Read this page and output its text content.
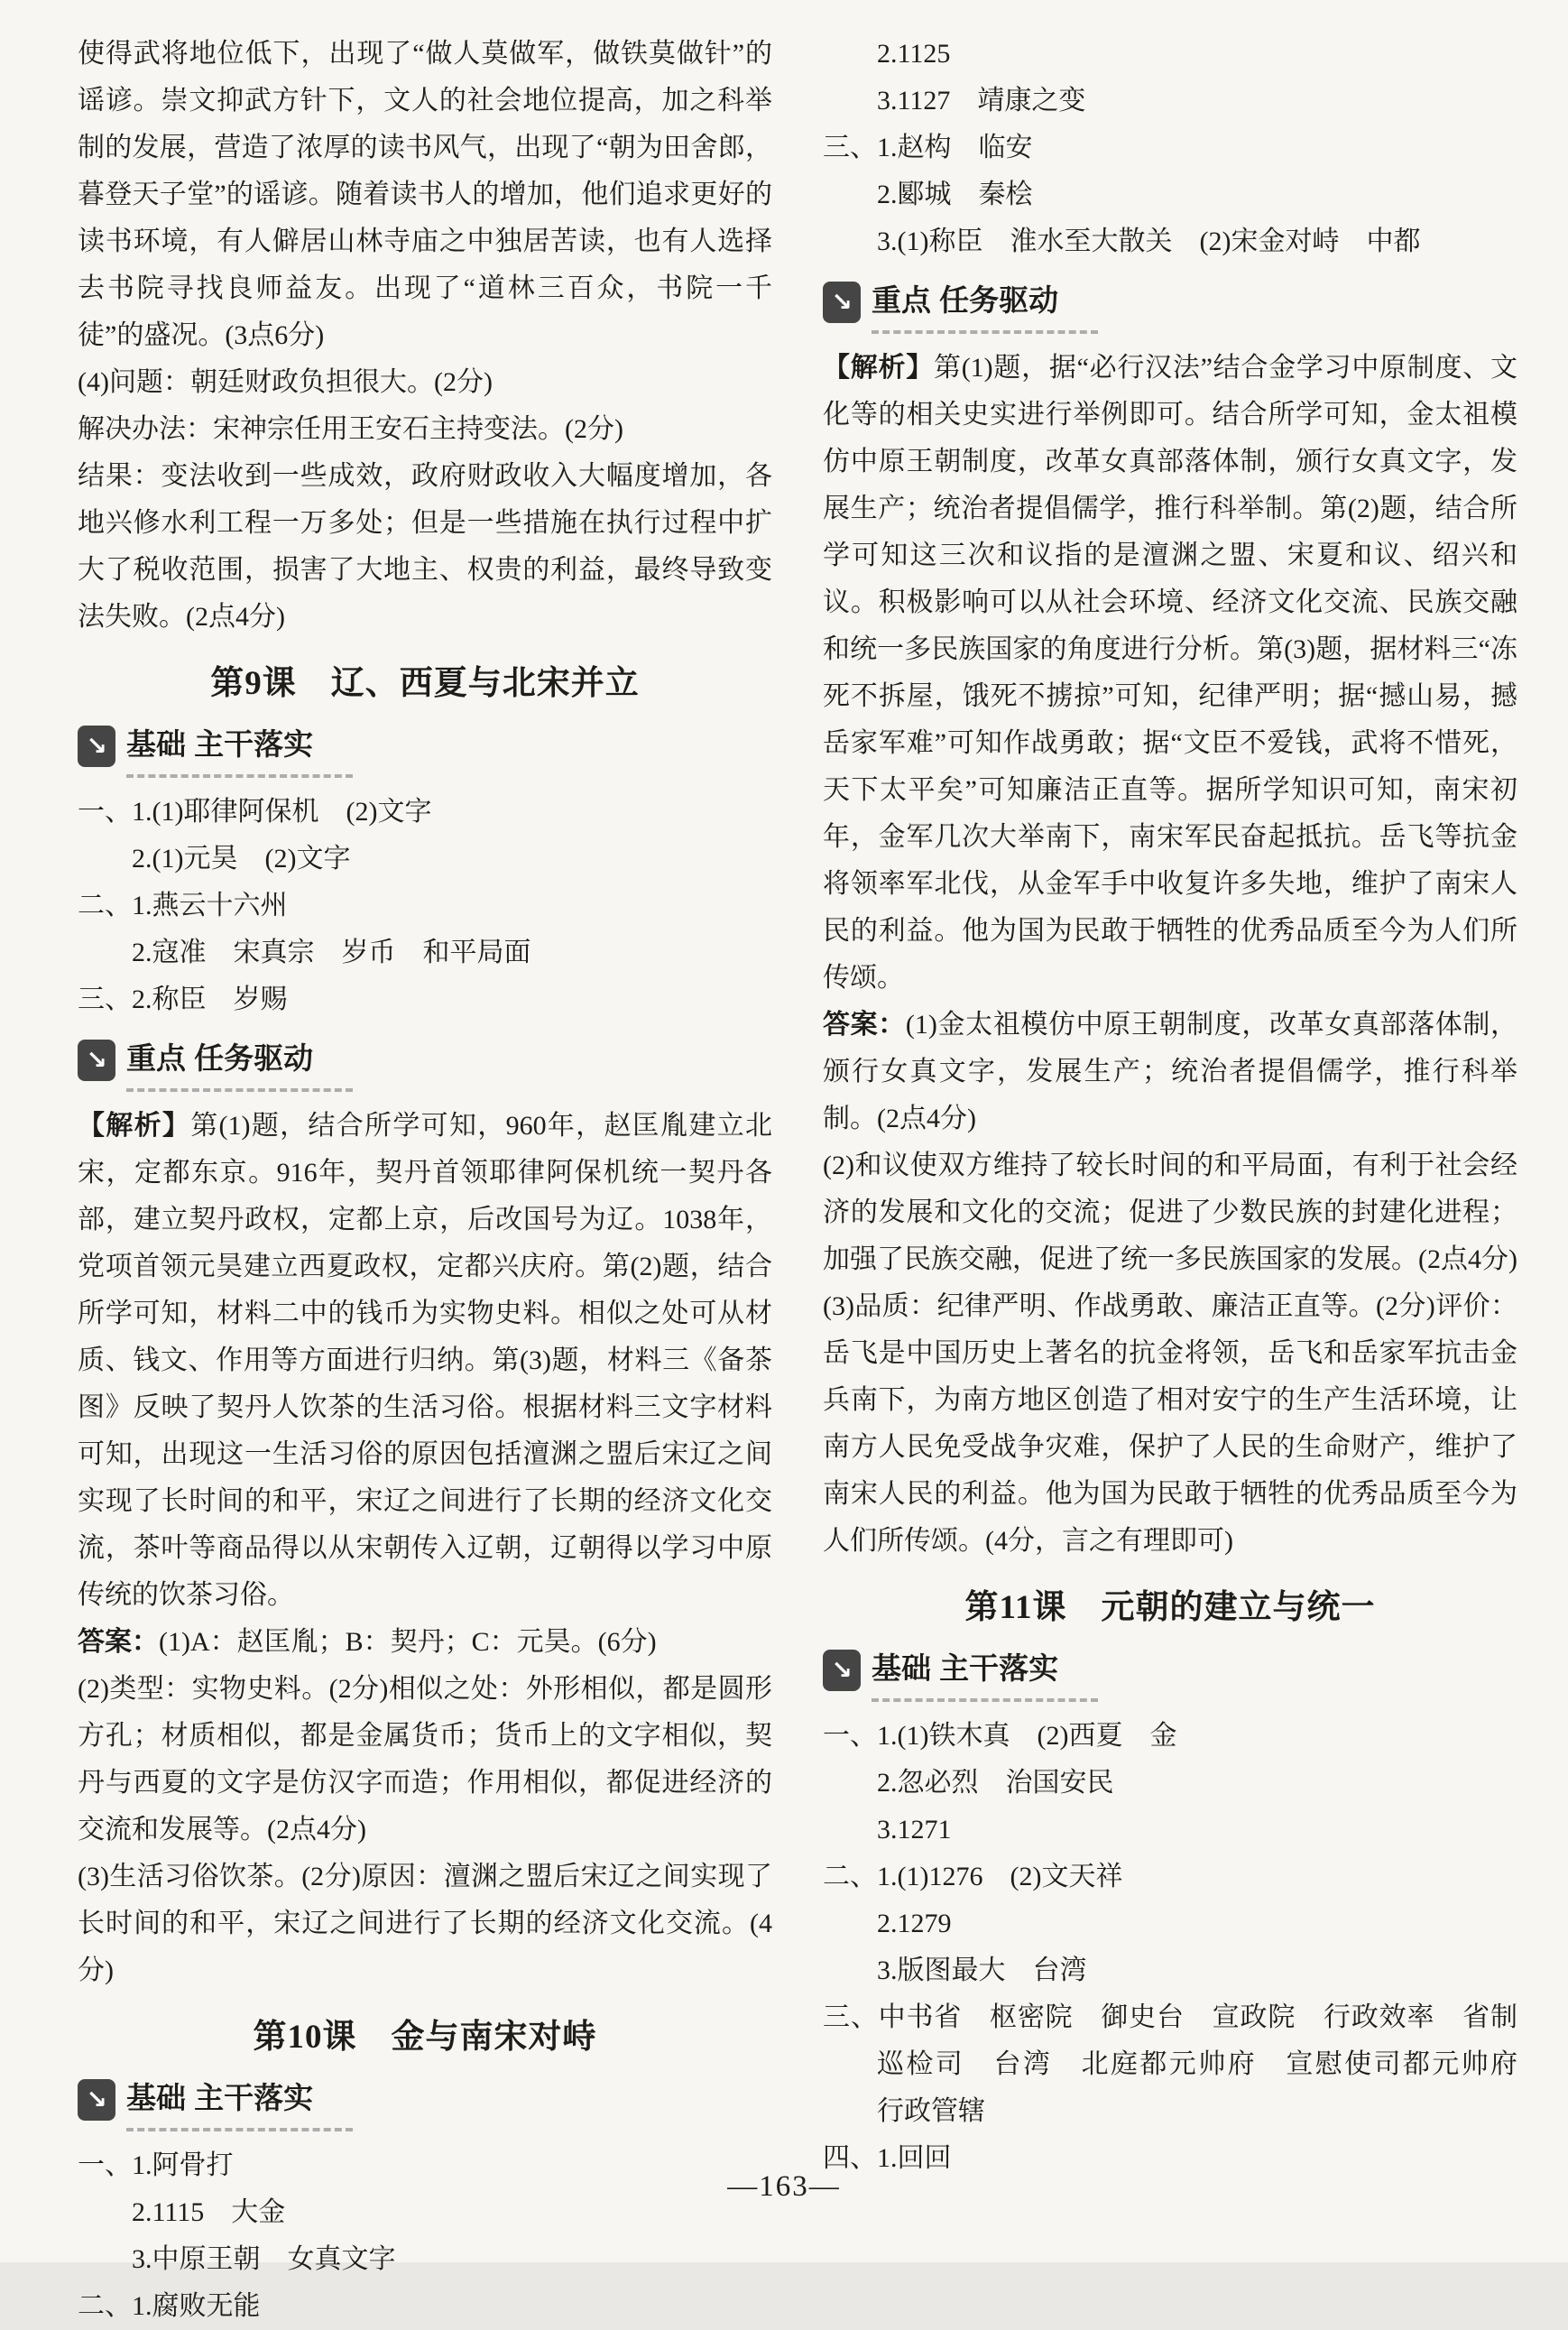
使得武将地位低下，出现了“做人莫做军，做铁莫做针”的谣谚。崇文抑武方针下，文人的社会地位提高，加之科举制的发展，营造了浓厚的读书风气，出现了“朝为田舍郎，暮登天子堂”的谣谚。随着读书人的增加，他们追求更好的读书环境，有人僻居山林寺庙之中独居苦读，也有人选择去书院寻找良师益友。出现了“道林三百众，书院一千徒”的盛况。(3点6分)
(4)问题：朝廷财政负担很大。(2分)
解决办法：宋神宗任用王安石主持变法。(2分)
结果：变法收到一些成效，政府财政收入大幅度增加，各地兴修水利工程一万多处；但是一些措施在执行过程中扩大了税收范围，损害了大地主、权贵的利益，最终导致变法失败。(2点4分)
第9课　辽、西夏与北宋并立
↘ 基础 主干落实
一、1.(1)耶律阿保机　(2)文字
2.(1)元昊　(2)文字
二、1.燕云十六州
2.寇准　宋真宗　岁币　和平局面
三、2.称臣　岁赐
↘ 重点 任务驱动
【解析】第(1)题，结合所学可知，960年，赵匡胤建立北宋，定都东京。916年，契丹首领耶律阿保机统一契丹各部，建立契丹政权，定都上京，后改国号为辽。1038年，党项首领元昊建立西夏政权，定都兴庆府。第(2)题，结合所学可知，材料二中的钱币为实物史料。相似之处可从材质、钱文、作用等方面进行归纳。第(3)题，材料三《备茶图》反映了契丹人饮茶的生活习俗。根据材料三文字材料可知，出现这一生活习俗的原因包括澶渊之盟后宋辽之间实现了长时间的和平，宋辽之间进行了长期的经济文化交流，茶叶等商品得以从宋朝传入辽朝，辽朝得以学习中原传统的饮茶习俗。
答案：(1)A：赵匡胤；B：契丹；C：元昊。(6分)
(2)类型：实物史料。(2分)相似之处：外形相似，都是圆形方孔；材质相似，都是金属货币；货币上的文字相似，契丹与西夏的文字是仿汉字而造；作用相似，都促进经济的交流和发展等。(2点4分)
(3)生活习俗饮茶。(2分)原因：澶渊之盟后宋辽之间实现了长时间的和平，宋辽之间进行了长期的经济文化交流。(4分)
第10课　金与南宋对峙
↘ 基础 主干落实
一、1.阿骨打
2.1115　大金
3.中原王朝　女真文字
二、1.腐败无能
2.1125
3.1127　靖康之变
三、1.赵构　临安
2.郾城　秦桧
3.(1)称臣　淮水至大散关　(2)宋金对峙　中都
↘ 重点 任务驱动
【解析】第(1)题，据“必行汉法”结合金学习中原制度、文化等的相关史实进行举例即可。结合所学可知，金太祖模仿中原王朝制度，改革女真部落体制，颁行女真文字，发展生产；统治者提倡儒学，推行科举制。第(2)题，结合所学可知这三次和议指的是澶渊之盟、宋夏和议、绍兴和议。积极影响可以从社会环境、经济文化交流、民族交融和统一多民族国家的角度进行分析。第(3)题，据材料三“冻死不拆屋，饿死不掳掠”可知，纪律严明；据“撼山易，撼岳家军难”可知作战勇敢；据“文臣不爱钱，武将不惜死，天下太平矣”可知廉洁正直等。据所学知识可知，南宋初年，金军几次大举南下，南宋军民奋起抵抗。岳飞等抗金将领率军北伐，从金军手中收复许多失地，维护了南宋人民的利益。他为国为民敢于牺牲的优秀品质至今为人们所传颂。
答案：(1)金太祖模仿中原王朝制度，改革女真部落体制，颁行女真文字，发展生产；统治者提倡儒学，推行科举制。(2点4分)
(2)和议使双方维持了较长时间的和平局面，有利于社会经济的发展和文化的交流；促进了少数民族的封建化进程；加强了民族交融，促进了统一多民族国家的发展。(2点4分)
(3)品质：纪律严明、作战勇敢、廉洁正直等。(2分)评价：岳飞是中国历史上著名的抗金将领，岳飞和岳家军抗击金兵南下，为南方地区创造了相对安宁的生产生活环境，让南方人民免受战争灾难，保护了人民的生命财产，维护了南宋人民的利益。他为国为民敢于牺牲的优秀品质至今为人们所传颂。(4分，言之有理即可)
第11课　元朝的建立与统一
↘ 基础 主干落实
一、1.(1)铁木真　(2)西夏　金
2.忽必烈　治国安民
3.1271
二、1.(1)1276　(2)文天祥
2.1279
3.版图最大　台湾
三、中书省　枢密院　御史台　宣政院　行政效率　省制　巡检司　台湾　北庭都元帅府　宣慰使司都元帅府　行政管辖
四、1.回回
—163—
